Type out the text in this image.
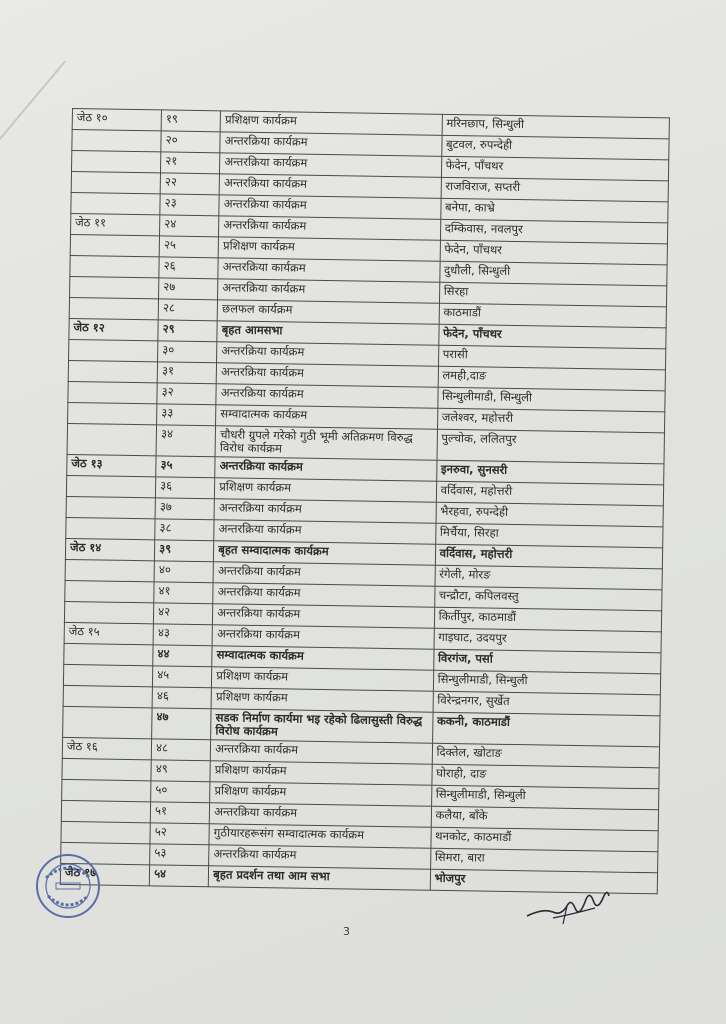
जेठ १०	१९	प्रशिक्षण कार्यक्रम	मरिनछाप, सिन्धुली
	२०	अन्तरक्रिया कार्यक्रम	बुटवल, रुपन्देही
	२१	अन्तरक्रिया कार्यक्रम	फेदेन, पाँचथर
	२२	अन्तरक्रिया कार्यक्रम	राजविराज, सप्तरी
	२३	अन्तरक्रिया कार्यक्रम	बनेपा, काभ्रे
जेठ ११	२४	अन्तरक्रिया कार्यक्रम	दम्किवास, नवलपुर
	२५	प्रशिक्षण कार्यक्रम	फेदेन, पाँचथर
	२६	अन्तरक्रिया कार्यक्रम	दुधौली, सिन्धुली
	२७	अन्तरक्रिया कार्यक्रम	सिरहा
	२८	छलफल कार्यक्रम	काठमाडौं
जेठ १२	२९	बृहत आमसभा	फेदेन, पाँचथर
	३०	अन्तरक्रिया कार्यक्रम	परासी
	३१	अन्तरक्रिया कार्यक्रम	लमही,दाङ
	३२	अन्तरक्रिया कार्यक्रम	सिन्धुलीमाडी, सिन्धुली
	३३	सम्वादात्मक कार्यक्रम	जलेश्वर, महोत्तरी
	३४	चौधरी ग्रुपले गरेको गुठी भूमी अतिक्रमण विरुद्ध विरोध कार्यक्रम	पुल्चोक, ललितपुर
जेठ १३	३५	अन्तरक्रिया कार्यक्रम	इनरुवा, सुनसरी
	३६	प्रशिक्षण कार्यक्रम	वर्दिवास, महोत्तरी
	३७	अन्तरक्रिया कार्यक्रम	भैरहवा, रुपन्देही
	३८	अन्तरक्रिया कार्यक्रम	मिर्चैया, सिरहा
जेठ १४	३९	बृहत सम्वादात्मक कार्यक्रम	वर्दिवास, महोत्तरी
	४०	अन्तरक्रिया कार्यक्रम	रंगेली, मोरङ
	४१	अन्तरक्रिया कार्यक्रम	चन्द्रौटा, कपिलवस्तु
	४२	अन्तरक्रिया कार्यक्रम	किर्तीपुर, काठमाडौं
जेठ १५	४३	अन्तरक्रिया कार्यक्रम	गाइघाट, उदयपुर
	४४	सम्वादात्मक कार्यक्रम	विरगंज, पर्सा
	४५	प्रशिक्षण कार्यक्रम	सिन्धुलीमाडी, सिन्धुली
	४६	प्रशिक्षण कार्यक्रम	विरेन्द्रनगर, सुर्खेत
	४७	सडक निर्माण कार्यमा भइ रहेको ढिलासुस्ती विरुद्ध विरोध कार्यक्रम	ककनी, काठमाडौं
जेठ १६	४८	अन्तरक्रिया कार्यक्रम	दिक्तेल, खोटाङ
	४९	प्रशिक्षण कार्यक्रम	घोराही, दाङ
	५०	प्रशिक्षण कार्यक्रम	सिन्धुलीमाडी, सिन्धुली
	५१	अन्तरक्रिया कार्यक्रम	कलैया, बाँके
	५२	गुठीयारहरूसंग सम्वादात्मक कार्यक्रम	थनकोट, काठमाडौं
	५३	अन्तरक्रिया कार्यक्रम	सिमरा, बारा
जेठ १७	५४	बृहत प्रदर्शन तथा आम सभा	भोजपुर
3
